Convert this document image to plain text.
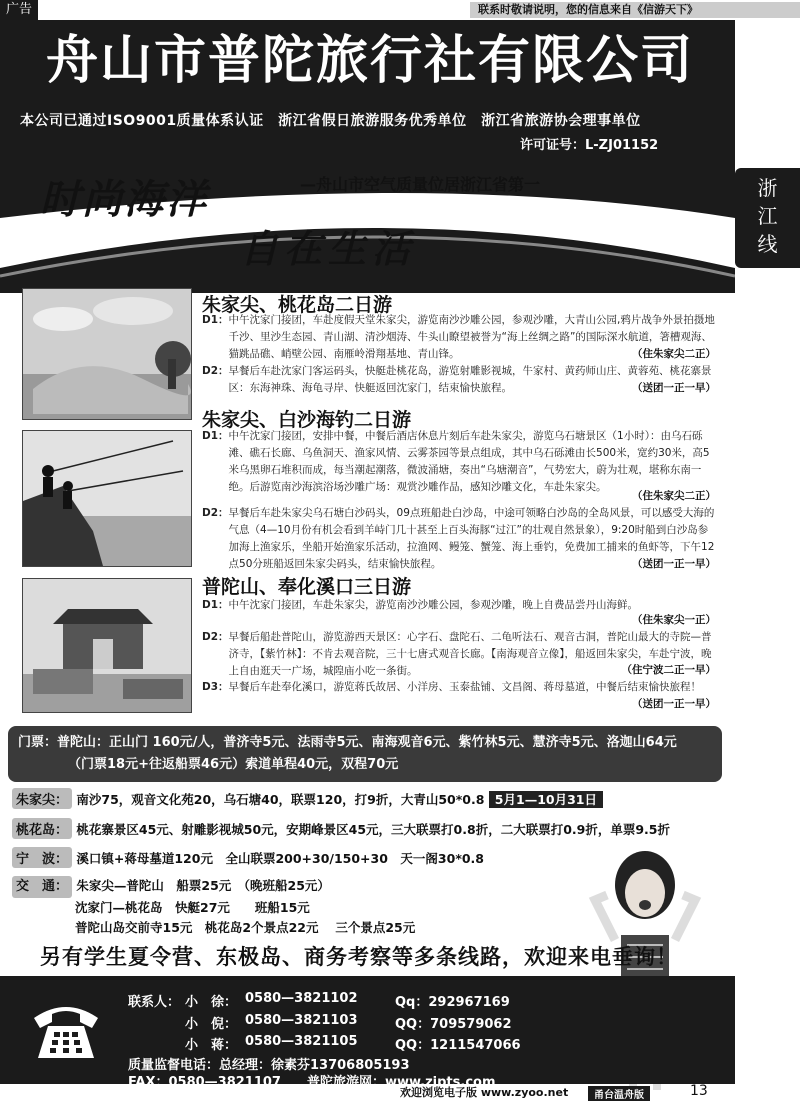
广告	联系时敬请说明，您的信息来自《信游天下》
舟山市普陀旅行社有限公司
本公司已通过ISO9001质量体系认证　浙江省假日旅游服务优秀单位　浙江省旅游协会理事单位
许可证号：L-ZJ01152
时尚海洋	—舟山市空气质量位居浙江省第一
自在生活
浙
江
线
朱家尖、桃花岛二日游
D1： 中午沈家门接团，车赴度假天堂朱家尖，游览南沙沙雕公园，参观沙雕，大青山公园,鸦片战争外景拍摄地千沙、里沙生态园、青山湖、清沙烟涛、牛头山瞭望被誉为“海上丝绸之路”的国际深水航道，箸槽观海、猫跳品礁、峭壁公园、南雁岭滑翔基地、青山锋。	（住朱家尖二正）
D2： 早餐后车赴沈家门客运码头，快艇赴桃花岛，游览射雕影视城，牛家村、黄药师山庄、黄蓉苑、桃花寨景区：东海神珠、海龟寻岸、快艇返回沈家门，结束愉快旅程。	（送团一正一早）
朱家尖、白沙海钓二日游
D1： 中午沈家门接团，安排中餐，中餐后酒店休息片刻后车赴朱家尖，游览乌石塘景区（1小时）：由乌石砾滩、礁石长廊、乌鱼洞天、渔家风情、云雾茶园等景点组成，其中乌石砾滩由长500米，宽约30米，高5米乌黑卵石堆积而成，每当潮起潮落，微波涌塘，奏出“乌塘潮音”，气势宏大，蔚为壮观，堪称东南一绝。后游览南沙海滨浴场沙雕广场：观赏沙雕作品，感知沙雕文化，车赴朱家尖。
（住朱家尖二正）
D2： 早餐后车赴朱家尖乌石塘白沙码头，09点班船赴白沙岛，中途可领略白沙岛的全岛风景，可以感受大海的气息（4—10月份有机会看到羊峙门几十甚至上百头海豚“过江”的壮观自然景象），9:20时船到白沙岛参加海上渔家乐，坐船开始渔家乐活动，拉渔网、鳗笼、蟹笼、海上垂钓，免费加工捕来的鱼虾等，下午12点50分班船返回朱家尖码头，结束愉快旅程。	（送团一正一早）
普陀山、奉化溪口三日游
D1： 中午沈家门接团，车赴朱家尖，游览南沙沙雕公园，参观沙雕，晚上自费品尝丹山海鲜。
（住朱家尖一正）
D2： 早餐后船赴普陀山，游览游西天景区：心字石、盘陀石、二龟听法石、观音古洞，普陀山最大的寺院—普济寺，【紫竹林】：不肯去观音院，三十七唐式观音长廊。【南海观音立像】，船返回朱家尖，车赴宁波，晚上自由逛天一广场，城隍庙小吃一条街。	（住宁波二正一早）
D3： 早餐后车赴奉化溪口，游览蒋氏故居、小洋房、玉泰盐铺、文昌阁、蒋母墓道，中餐后结束愉快旅程！
（送团一正一早）
门票：普陀山：正山门 160元/人，普济寺5元、法雨寺5元、南海观音6元、紫竹林5元、慧济寺5元、洛迦山64元
（门票18元+往返船票46元）索道单程40元，双程70元
朱家尖： 南沙75，观音文化苑20，乌石塘40，联票120，打9折，大青山50*0.8 5月1—10月31日
桃花岛： 桃花寨景区45元、射雕影视城50元，安期峰景区45元，三大联票打0.8折，二大联票打0.9折，单票9.5折
宁　波： 溪口镇+蒋母墓道120元　全山联票200+30/150+30　天一阁30*0.8
交　通： 朱家尖—普陀山　船票25元　（晚班船25元）
沈家门—桃花岛　快艇27元　　班船15元
普陀山岛交前寺15元　桃花岛2个景点22元　 三个景点25元
另有学生夏令营、东极岛、商务考察等多条线路，欢迎来电垂询！
联系人： 小　徐： 0580—3821102	Qq：292967169
小　倪： 0580—3821103	QQ：709579062
小　蒋： 0580—3821105	QQ：1211547066
质量监督电话：总经理：徐素芬13706805193
FAX：0580—3821107　　普陀旅游网：www.zjpts.com
欢迎浏览电子版 www.zyoo.net	甬台温舟版	13
